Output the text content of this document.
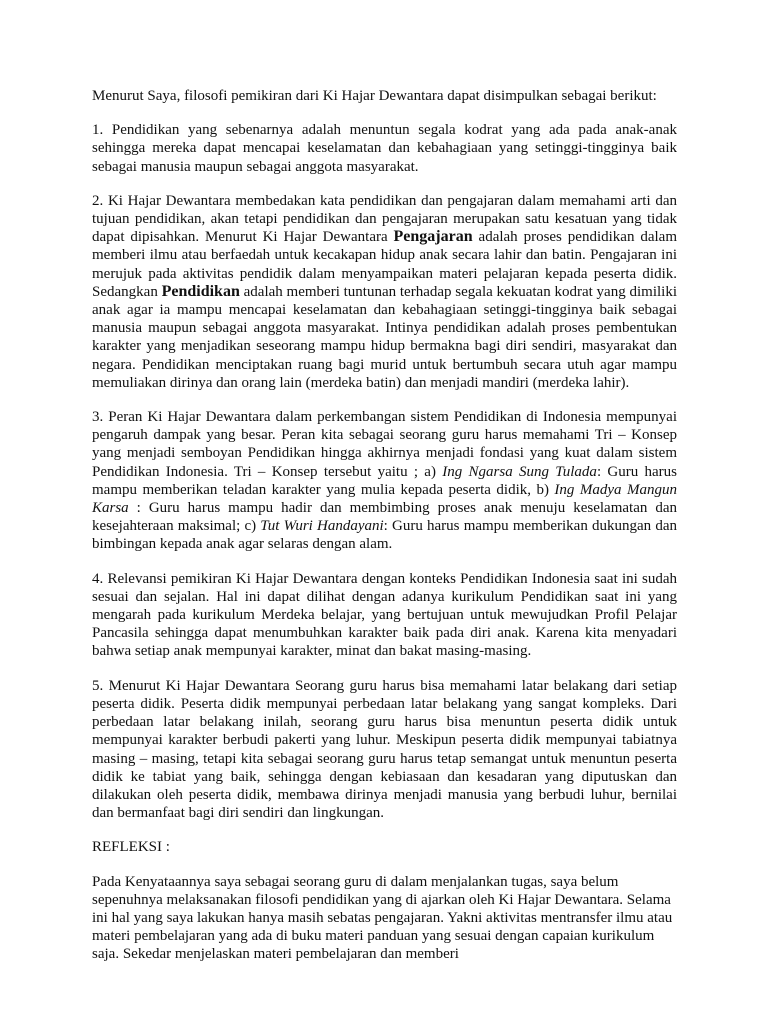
Menurut Saya, filosofi pemikiran dari Ki Hajar Dewantara dapat disimpulkan sebagai berikut:

1. Pendidikan yang sebenarnya adalah menuntun segala kodrat yang ada pada anak-anak sehingga mereka dapat mencapai keselamatan dan kebahagiaan yang setinggi-tingginya baik sebagai manusia maupun sebagai anggota masyarakat.

2. Ki Hajar Dewantara membedakan kata pendidikan dan pengajaran dalam memahami arti dan tujuan pendidikan, akan tetapi pendidikan dan pengajaran merupakan satu kesatuan yang tidak dapat dipisahkan. Menurut Ki Hajar Dewantara Pengajaran adalah proses pendidikan dalam memberi ilmu atau berfaedah untuk kecakapan hidup anak secara lahir dan batin. Pengajaran ini merujuk pada aktivitas pendidik dalam menyampaikan materi pelajaran kepada peserta didik. Sedangkan Pendidikan adalah memberi tuntunan terhadap segala kekuatan kodrat yang dimiliki anak agar ia mampu mencapai keselamatan dan kebahagiaan setinggi-tingginya baik sebagai manusia maupun sebagai anggota masyarakat. Intinya pendidikan adalah proses pembentukan karakter yang menjadikan seseorang mampu hidup bermakna bagi diri sendiri, masyarakat dan negara. Pendidikan menciptakan ruang bagi murid untuk bertumbuh secara utuh agar mampu memuliakan dirinya dan orang lain (merdeka batin) dan menjadi mandiri (merdeka lahir).

3. Peran Ki Hajar Dewantara dalam perkembangan sistem Pendidikan di Indonesia mempunyai pengaruh dampak yang besar. Peran kita sebagai seorang guru harus memahami Tri – Konsep yang menjadi semboyan Pendidikan hingga akhirnya menjadi fondasi yang kuat dalam sistem Pendidikan Indonesia. Tri – Konsep tersebut yaitu ; a) Ing Ngarsa Sung Tulada: Guru harus mampu memberikan teladan karakter yang mulia kepada peserta didik, b) Ing Madya Mangun Karsa : Guru harus mampu hadir dan membimbing proses anak menuju keselamatan dan kesejahteraan maksimal; c) Tut Wuri Handayani: Guru harus mampu memberikan dukungan dan bimbingan kepada anak agar selaras dengan alam.

4. Relevansi pemikiran Ki Hajar Dewantara dengan konteks Pendidikan Indonesia saat ini sudah sesuai dan sejalan. Hal ini dapat dilihat dengan adanya kurikulum Pendidikan saat ini yang mengarah pada kurikulum Merdeka belajar, yang bertujuan untuk mewujudkan Profil Pelajar Pancasila sehingga dapat menumbuhkan karakter baik pada diri anak. Karena kita menyadari bahwa setiap anak mempunyai karakter, minat dan bakat masing-masing.

5. Menurut Ki Hajar Dewantara Seorang guru harus bisa memahami latar belakang dari setiap peserta didik. Peserta didik mempunyai perbedaan latar belakang yang sangat kompleks. Dari perbedaan latar belakang inilah, seorang guru harus bisa menuntun peserta didik untuk mempunyai karakter berbudi pakerti yang luhur. Meskipun peserta didik mempunyai tabiatnya masing – masing, tetapi kita sebagai seorang guru harus tetap semangat untuk menuntun peserta didik ke tabiat yang baik, sehingga dengan kebiasaan dan kesadaran yang diputuskan dan dilakukan oleh peserta didik, membawa dirinya menjadi manusia yang berbudi luhur, bernilai dan bermanfaat bagi diri sendiri dan lingkungan.

REFLEKSI :

Pada Kenyataannya saya sebagai seorang guru di dalam menjalankan tugas, saya belum sepenuhnya melaksanakan filosofi pendidikan yang di ajarkan oleh Ki Hajar Dewantara. Selama ini hal yang saya lakukan hanya masih sebatas pengajaran. Yakni aktivitas mentransfer ilmu atau materi pembelajaran yang ada di buku materi panduan yang sesuai dengan capaian kurikulum saja. Sekedar menjelaskan materi pembelajaran dan memberi
